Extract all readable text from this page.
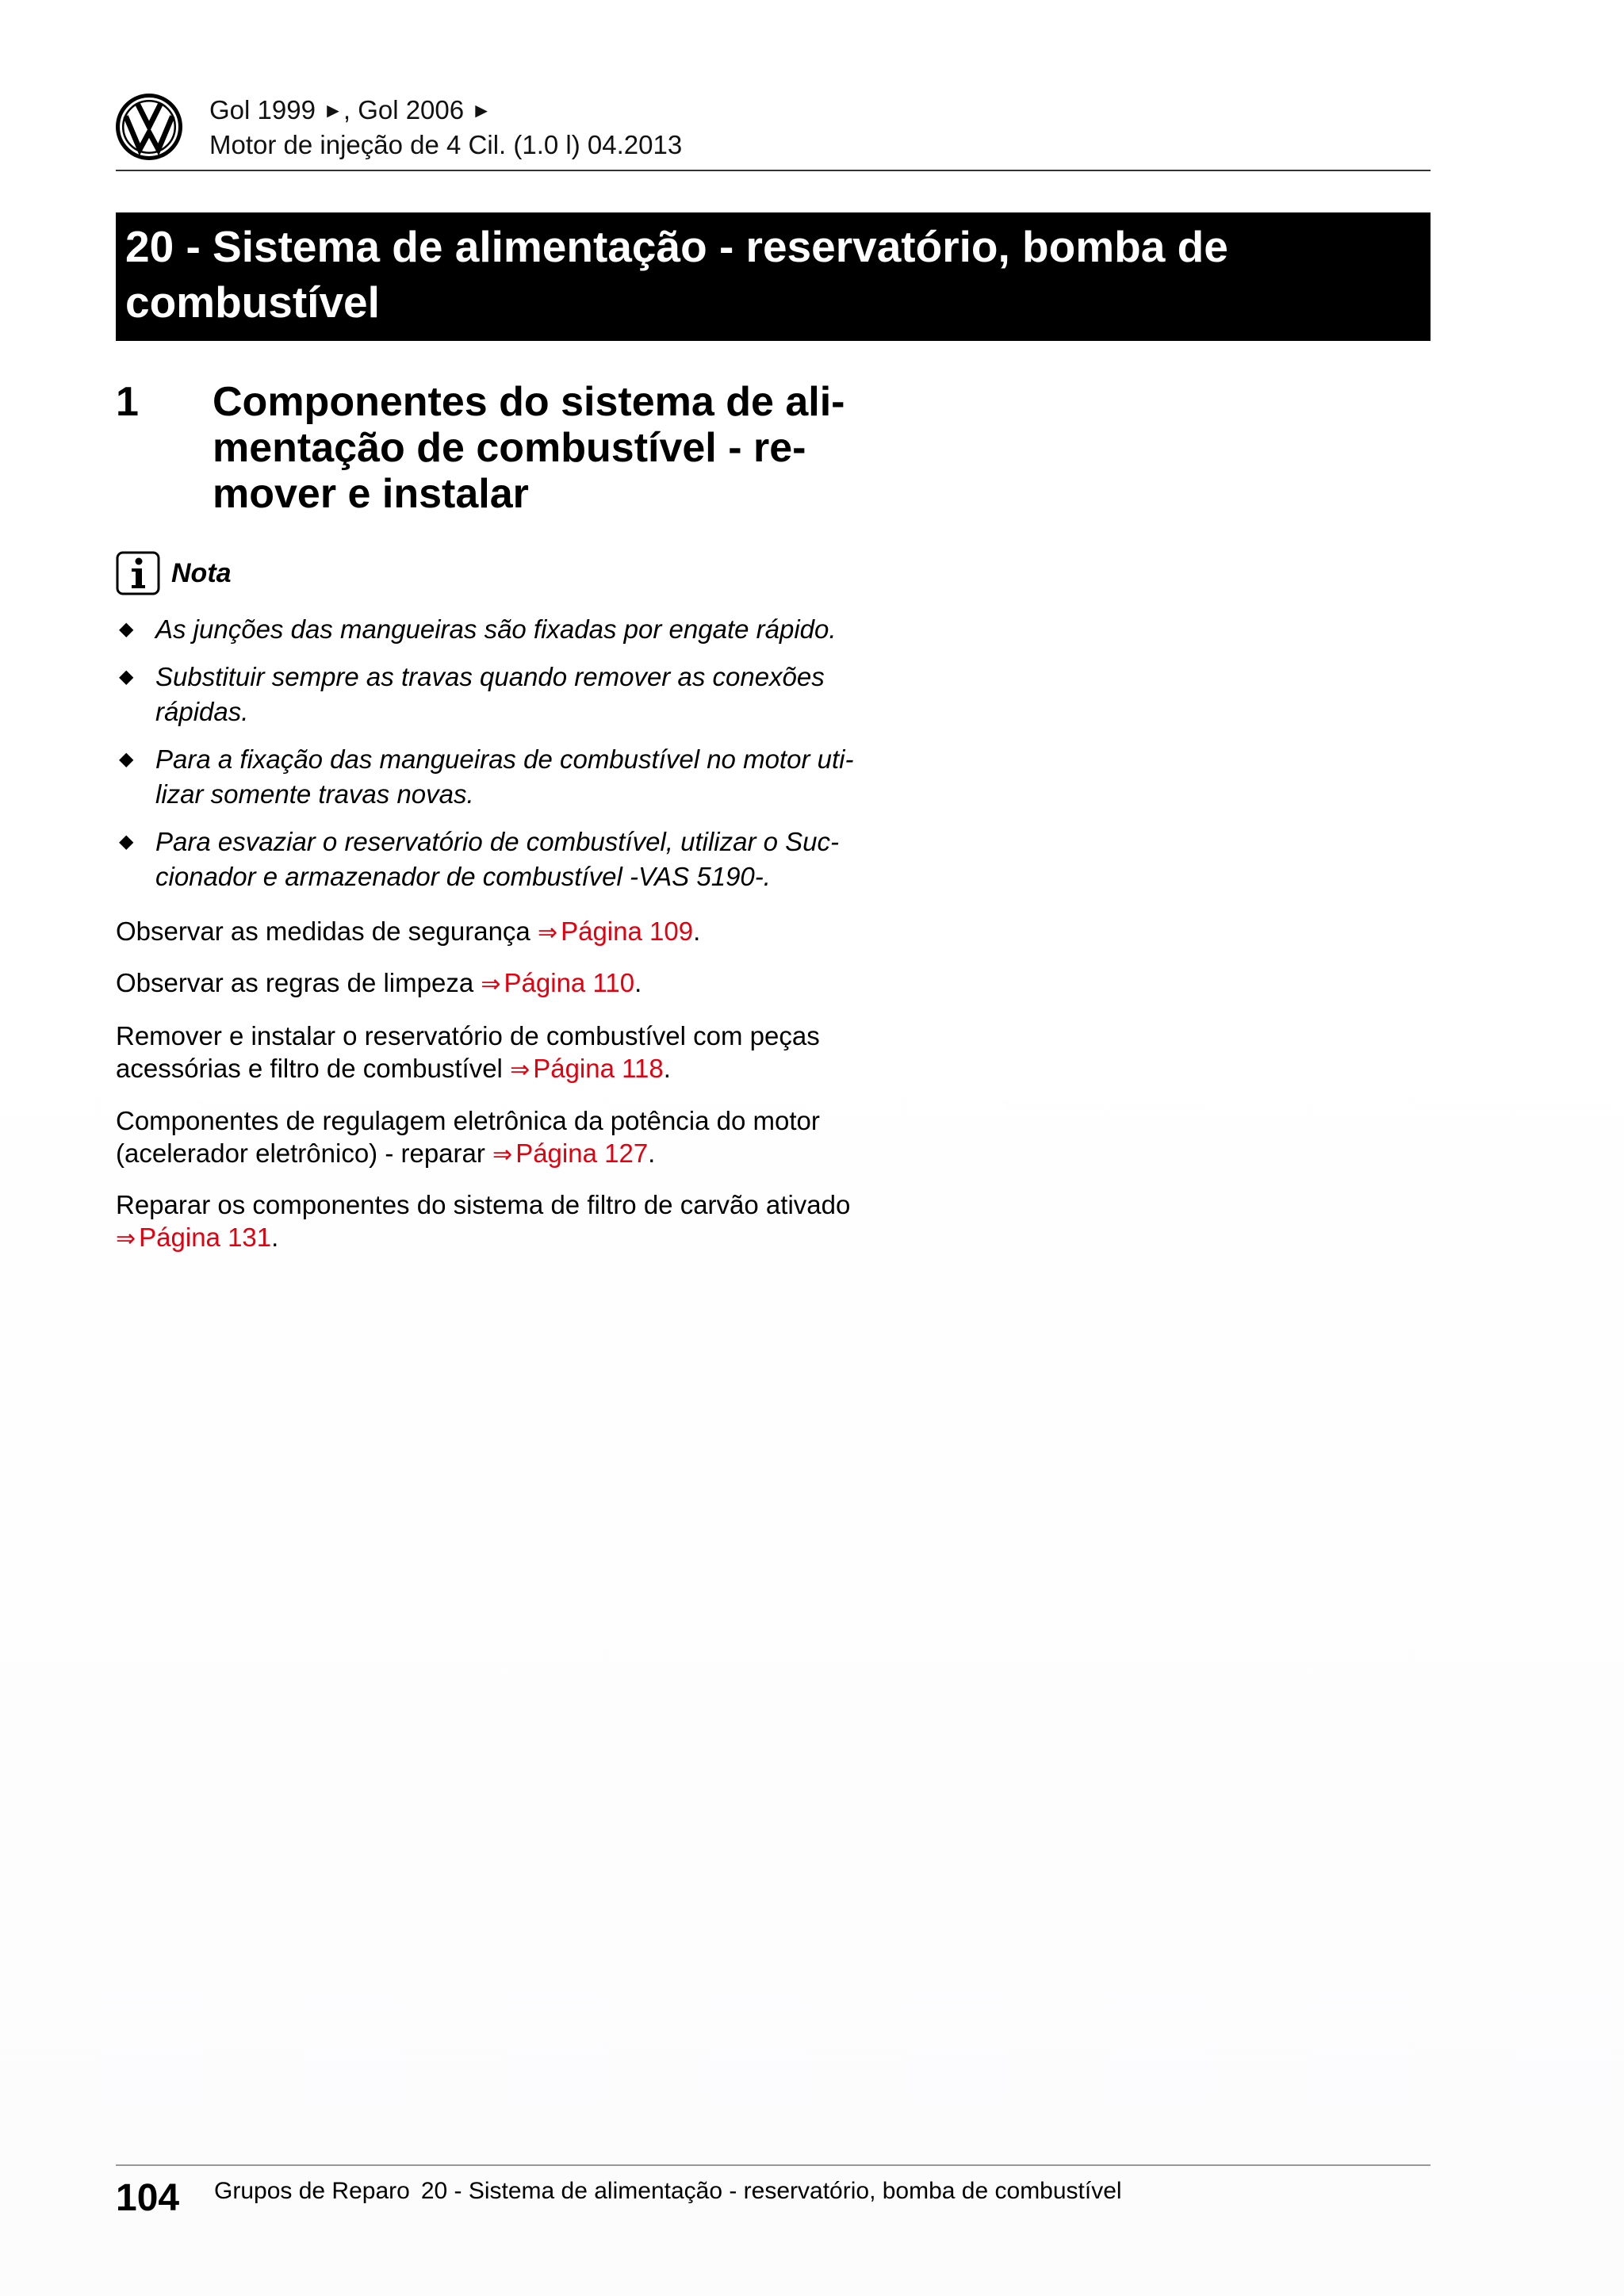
Gol 1999 ►, Gol 2006 ►
Motor de injeção de 4 Cil. (1.0 l) 04.2013
20 - Sistema de alimentação - reservatório, bomba de
combustível
1 Componentes do sistema de ali-
mentação de combustível - re-
mover e instalar
Nota
◆ As junções das mangueiras são fixadas por engate rápido.
◆ Substituir sempre as travas quando remover as conexões
rápidas.
◆ Para a fixação das mangueiras de combustível no motor uti-
lizar somente travas novas.
◆ Para esvaziar o reservatório de combustível, utilizar o Suc-
cionador e armazenador de combustível -VAS 5190-.

Observar as medidas de segurança ⇒ Página 109.

Observar as regras de limpeza ⇒ Página 110.

Remover e instalar o reservatório de combustível com peças
acessórias e filtro de combustível ⇒ Página 118.

Componentes de regulagem eletrônica da potência do motor
(acelerador eletrônico) - reparar ⇒ Página 127.

Reparar os componentes do sistema de filtro de carvão ativado
⇒ Página 131.

104 Grupos de Reparo 20 - Sistema de alimentação - reservatório, bomba de combustível
